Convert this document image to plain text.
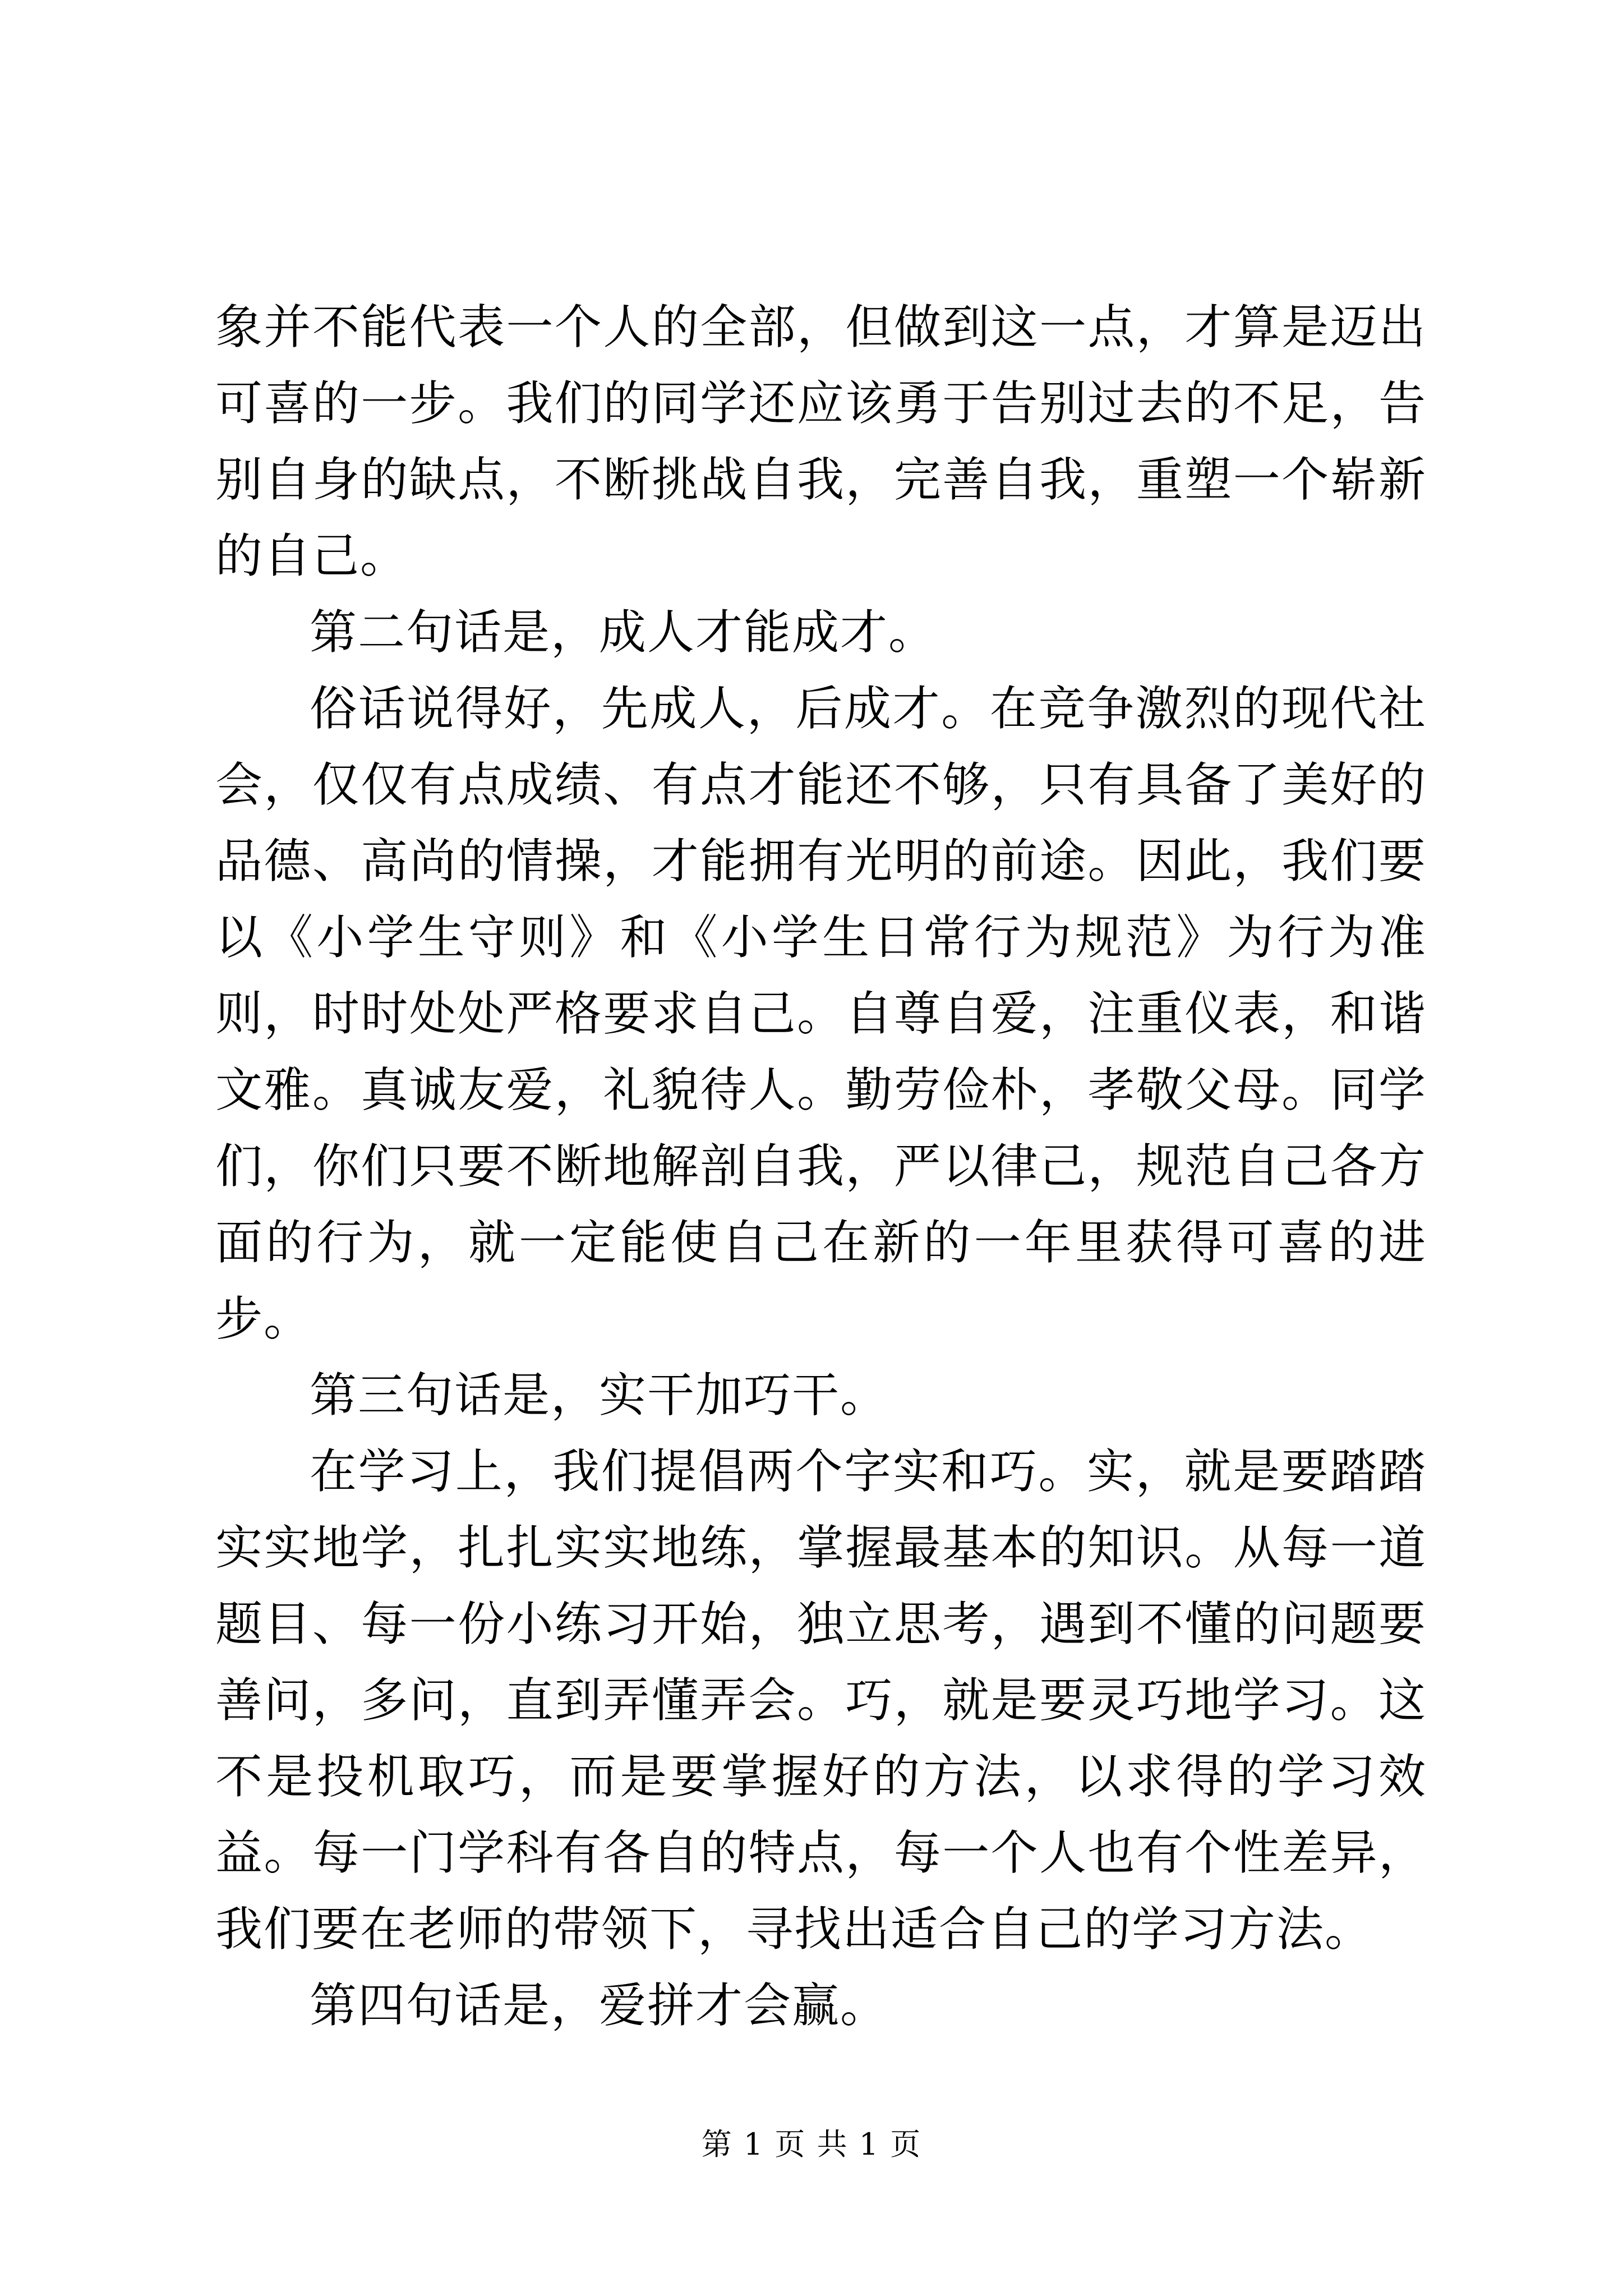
象并不能代表一个人的全部，但做到这一点，才算是迈出可喜的一步。我们的同学还应该勇于告别过去的不足，告别自身的缺点，不断挑战自我，完善自我，重塑一个崭新的自己。

第二句话是，成人才能成才。

俗话说得好，先成人，后成才。在竞争激烈的现代社会，仅仅有点成绩、有点才能还不够，只有具备了美好的品德、高尚的情操，才能拥有光明的前途。因此，我们要以《小学生守则》和《小学生日常行为规范》为行为准则，时时处处严格要求自己。自尊自爱，注重仪表，和谐文雅。真诚友爱，礼貌待人。勤劳俭朴，孝敬父母。同学们，你们只要不断地解剖自我，严以律己，规范自己各方面的行为，就一定能使自己在新的一年里获得可喜的进步。

第三句话是，实干加巧干。

在学习上，我们提倡两个字实和巧。实，就是要踏踏实实地学，扎扎实实地练，掌握最基本的知识。从每一道题目、每一份小练习开始，独立思考，遇到不懂的问题要善问，多问，直到弄懂弄会。巧，就是要灵巧地学习。这不是投机取巧，而是要掌握好的方法，以求得的学习效益。每一门学科有各自的特点，每一个人也有个性差异，我们要在老师的带领下，寻找出适合自己的学习方法。

第四句话是，爱拼才会赢。

第 1 页 共 1 页
